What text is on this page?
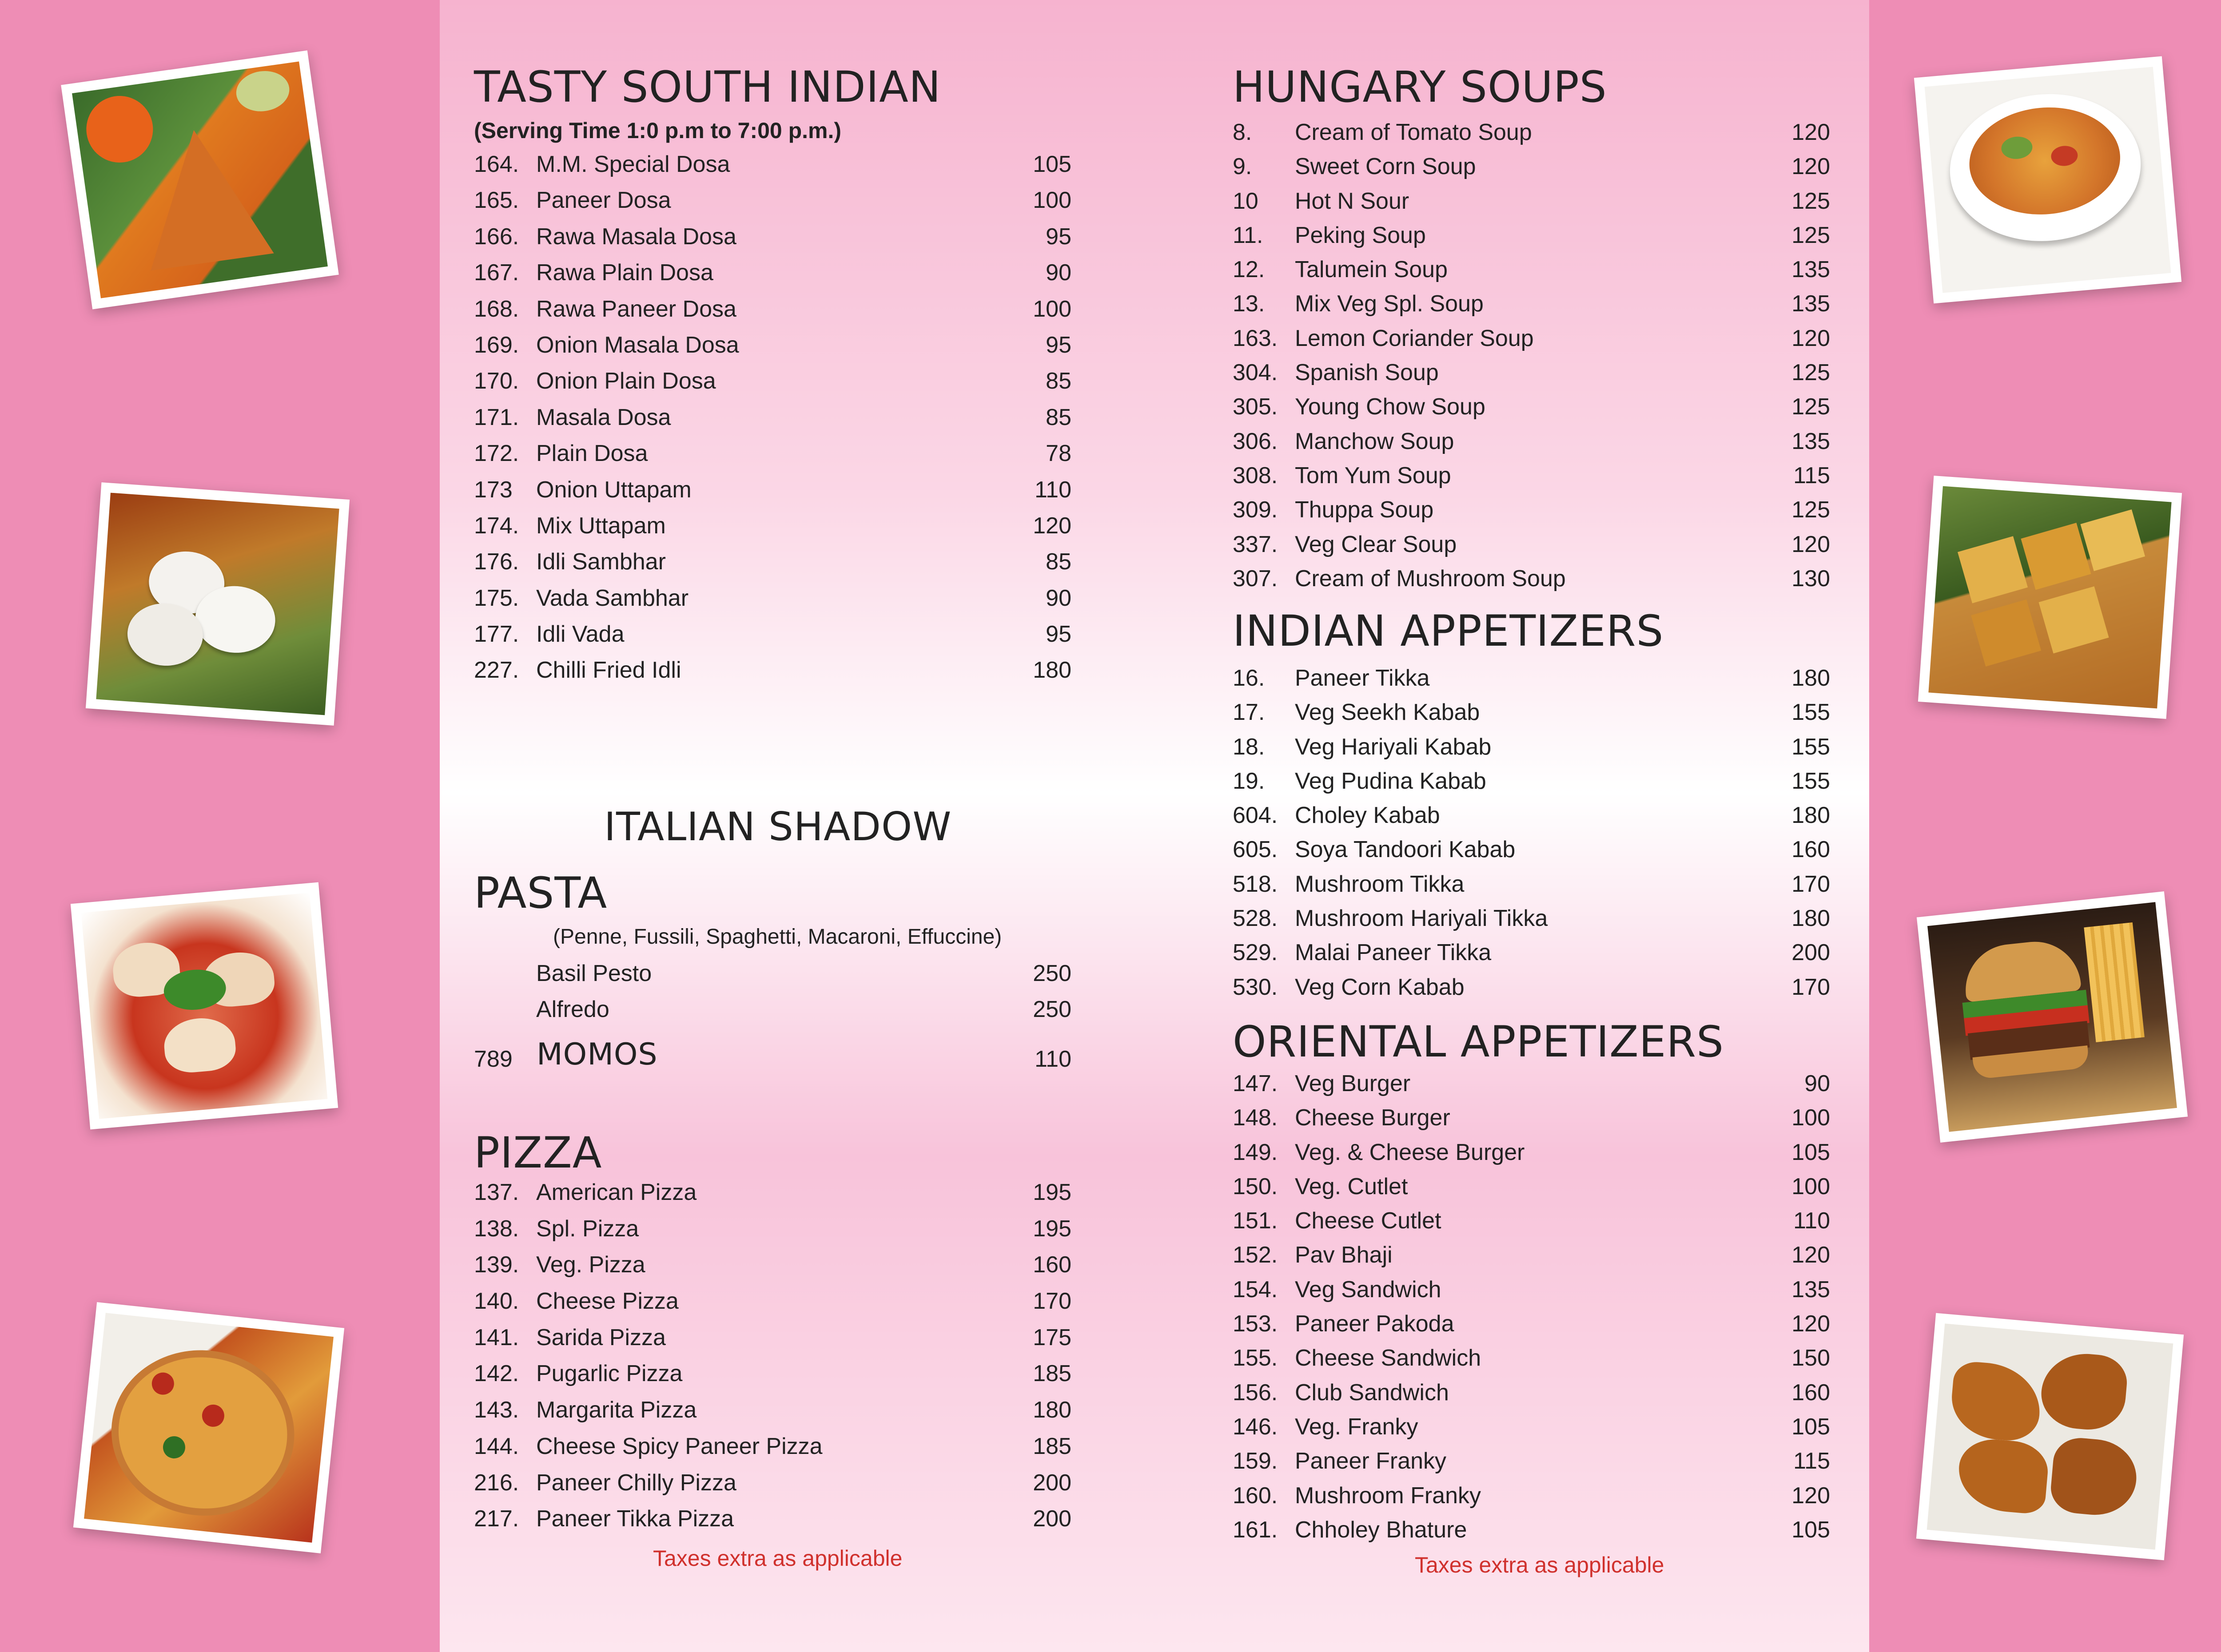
TASTY SOUTH INDIAN
(Serving Time 1:0 p.m to 7:00 p.m.)
164. M.M. Special Dosa	105
165. Paneer Dosa	100
166. Rawa Masala Dosa	95
167. Rawa Plain Dosa	90
168. Rawa Paneer Dosa	100
169. Onion Masala Dosa	95
170. Onion Plain Dosa	85
171. Masala Dosa	85
172. Plain Dosa	78
173 Onion Uttapam	110
174. Mix Uttapam	120
176. Idli Sambhar	85
175. Vada Sambhar	90
177. Idli Vada	95
227. Chilli Fried Idli	180
ITALIAN SHADOW
PASTA
(Penne, Fussili, Spaghetti, Macaroni, Effuccine)
Basil Pesto	250
Alfredo	250
789 MOMOS	110
PIZZA
137. American Pizza	195
138. Spl. Pizza	195
139. Veg. Pizza	160
140. Cheese Pizza	170
141. Sarida Pizza	175
142. Pugarlic Pizza	185
143. Margarita Pizza	180
144. Cheese Spicy Paneer Pizza	185
216. Paneer Chilly Pizza	200
217. Paneer Tikka Pizza	200
Taxes extra as applicable
HUNGARY SOUPS
8. Cream of Tomato Soup	120
9. Sweet Corn Soup	120
10 Hot N Sour	125
11. Peking Soup	125
12. Talumein Soup	135
13. Mix Veg Spl. Soup	135
163. Lemon Coriander Soup	120
304. Spanish Soup	125
305. Young Chow Soup	125
306. Manchow Soup	135
308. Tom Yum Soup	115
309. Thuppa Soup	125
337. Veg Clear Soup	120
307. Cream of Mushroom Soup	130
INDIAN APPETIZERS
16. Paneer Tikka	180
17. Veg Seekh Kabab	155
18. Veg Hariyali Kabab	155
19. Veg Pudina Kabab	155
604. Choley Kabab	180
605. Soya Tandoori Kabab	160
518. Mushroom Tikka	170
528. Mushroom Hariyali Tikka	180
529. Malai Paneer Tikka	200
530. Veg Corn Kabab	170
ORIENTAL APPETIZERS
147. Veg Burger	90
148. Cheese Burger	100
149. Veg. & Cheese Burger	105
150. Veg. Cutlet	100
151. Cheese Cutlet	110
152. Pav Bhaji	120
154. Veg Sandwich	135
153. Paneer Pakoda	120
155. Cheese Sandwich	150
156. Club Sandwich	160
146. Veg. Franky	105
159. Paneer Franky	115
160. Mushroom Franky	120
161. Chholey Bhature	105
Taxes extra as applicable
